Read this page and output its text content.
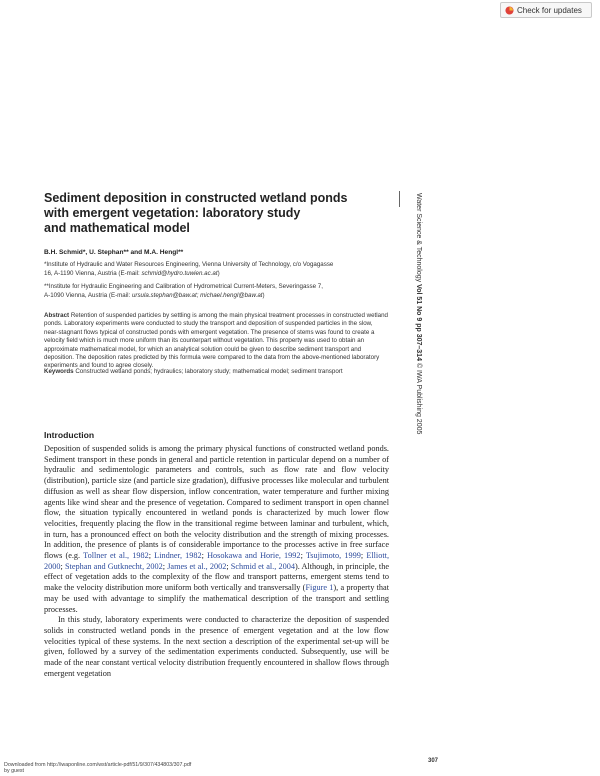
Check for updates
Sediment deposition in constructed wetland ponds
with emergent vegetation: laboratory study
and mathematical model
B.H. Schmid*, U. Stephan** and M.A. Hengl**
*Institute of Hydraulic and Water Resources Engineering, Vienna University of Technology, c/o Vogagasse
16, A-1190 Vienna, Austria (E-mail: schmid@hydro.tuwien.ac.at)
**Institute for Hydraulic Engineering and Calibration of Hydrometrical Current-Meters, Severingasse 7,
A-1090 Vienna, Austria (E-mail: ursula.stephan@baw.at; michael.hengl@baw.at)

Abstract Retention of suspended particles by settling is among the main physical treatment processes in constructed wetland ponds. Laboratory experiments were conducted to study the transport and deposition of suspended particles in the slow, near-stagnant flows typical of constructed ponds with emergent vegetation. The presence of stems was found to create a velocity field which is much more uniform than its counterpart without vegetation. This property was used to obtain an approximate mathematical model, for which an analytical solution could be given to describe sediment transport and deposition. The deposition rates predicted by this formula were compared to the data from the above-mentioned laboratory experiments and found to agree closely.

Keywords Constructed wetland ponds; hydraulics; laboratory study; mathematical model; sediment transport

Introduction

Deposition of suspended solids is among the primary physical functions of constructed wetland ponds. Sediment transport in these ponds in general and particle retention in particular depend on a number of hydraulic and sedimentologic parameters and controls, such as flow rate and flow velocity (distribution), particle size (and particle size gradation), diffusive processes like molecular and turbulent diffusion as well as shear flow dispersion, inflow concentration, water temperature and further mixing agents like wind shear and the presence of vegetation. Compared to sediment transport in open channel flow, the situation typically encountered in wetland ponds is characterized by much lower flow velocities, frequently placing the flow in the transitional regime between laminar and turbulent, which, in turn, has a pronounced effect on both the velocity distribution and the strength of mixing processes. In addition, the presence of plants is of considerable importance to the processes active in free surface flows (e.g. Tollner et al., 1982; Lindner, 1982; Hosokawa and Horie, 1992; Tsujimoto, 1999; Elliott, 2000; Stephan and Gutknecht, 2002; James et al., 2002; Schmid et al., 2004). Although, in principle, the effect of vegetation adds to the complexity of the flow and transport patterns, emergent stems tend to make the velocity distribution more uniform both vertically and transversally (Figure 1), a property that may be used with advantage to simplify the mathematical description of the transport and settling processes.

In this study, laboratory experiments were conducted to characterize the deposition of suspended solids in constructed wetland ponds in the presence of emergent vegetation and at the low flow velocities typical of these systems. In the next section a description of the experimental set-up will be given, followed by a survey of the sedimentation experiments conducted. Subsequently, use will be made of the near constant vertical velocity distribution frequently encountered in shallow flows through emergent vegetation

Water Science & Technology Vol 51 No 9 pp 307–314 © IWA Publishing 2005
307
Downloaded from http://iwaponline.com/wst/article-pdf/51/9/307/434803/307.pdf
by guest
